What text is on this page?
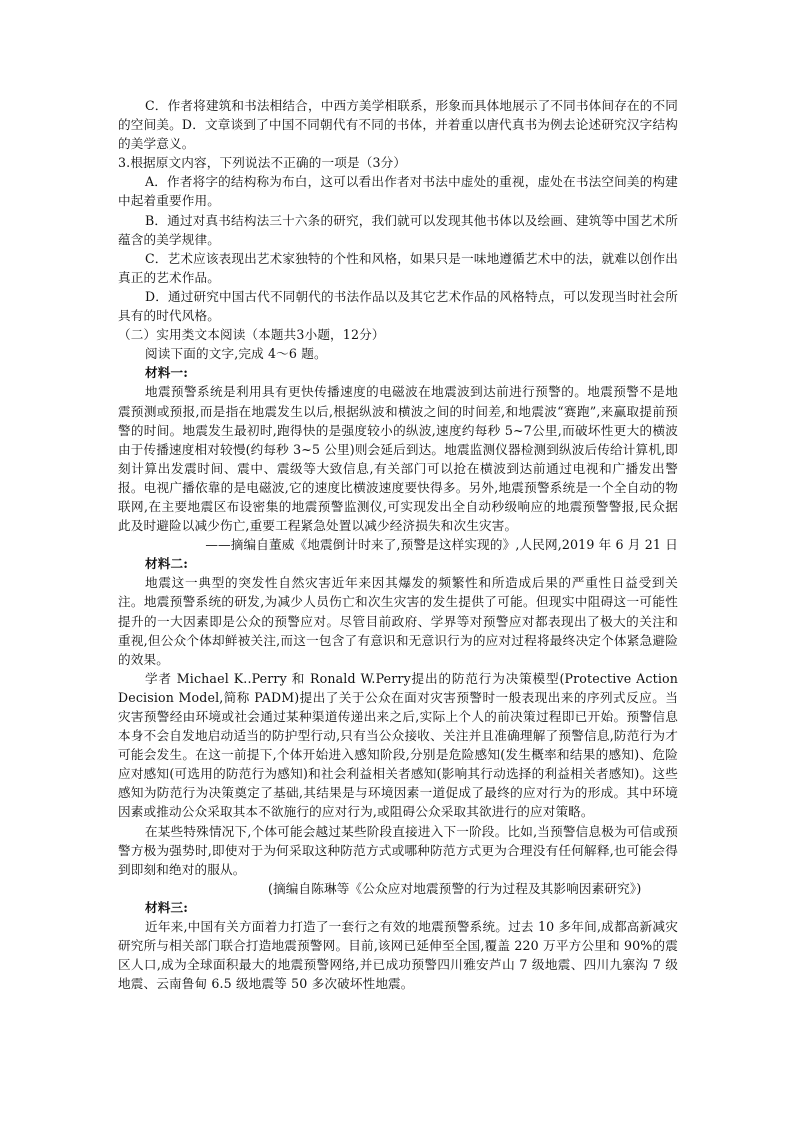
C．作者将建筑和书法相结合，中西方美学相联系，形象而具体地展示了不同书体间存在的不同的空间美。D．文章谈到了中国不同朝代有不同的书体，并着重以唐代真书为例去论述研究汉字结构的美学意义。

3.根据原文内容，下列说法不正确的一项是（3分）

A．作者将字的结构称为布白，这可以看出作者对书法中虚处的重视，虚处在书法空间美的构建中起着重要作用。

B．通过对真书结构法三十六条的研究，我们就可以发现其他书体以及绘画、建筑等中国艺术所蕴含的美学规律。

C．艺术应该表现出艺术家独特的个性和风格，如果只是一味地遵循艺术中的法，就难以创作出真正的艺术作品。

D．通过研究中国古代不同朝代的书法作品以及其它艺术作品的风格特点，可以发现当时社会所具有的时代风格。

（二）实用类文本阅读（本题共3小题，12分）

阅读下面的文字,完成 4～6 题。

材料一:

地震预警系统是利用具有更快传播速度的电磁波在地震波到达前进行预警的。地震预警不是地震预测或预报,而是指在地震发生以后,根据纵波和横波之间的时间差,和地震波“赛跑”,来赢取提前预警的时间。地震发生最初时,跑得快的是强度较小的纵波,速度约每秒 5~7公里,而破坏性更大的横波由于传播速度相对较慢(约每秒 3~5 公里)则会延后到达。地震监测仪器检测到纵波后传给计算机,即刻计算出发震时间、震中、震级等大致信息,有关部门可以抢在横波到达前通过电视和广播发出警报。电视广播依靠的是电磁波,它的速度比横波速度要快得多。另外,地震预警系统是一个全自动的物联网,在主要地震区布设密集的地震预警监测仪,可实现发出全自动秒级响应的地震预警警报,民众据此及时避险以减少伤亡,重要工程紧急处置以减少经济损失和次生灾害。

——摘编自董威《地震倒计时来了,预警是这样实现的》,人民网,2019 年 6 月 21 日

材料二:

地震这一典型的突发性自然灾害近年来因其爆发的频繁性和所造成后果的严重性日益受到关注。地震预警系统的研发,为减少人员伤亡和次生灾害的发生提供了可能。但现实中阻碍这一可能性提升的一大因素即是公众的预警应对。尽管目前政府、学界等对预警应对都表现出了极大的关注和重视,但公众个体却鲜被关注,而这一包含了有意识和无意识行为的应对过程将最终决定个体紧急避险的效果。

学者 Michael K..Perry 和 Ronald W.Perry提出的防范行为决策模型(Protective Action Decision Model,简称 PADM)提出了关于公众在面对灾害预警时一般表现出来的序列式反应。当灾害预警经由环境或社会通过某种渠道传递出来之后,实际上个人的前决策过程即已开始。预警信息本身不会自发地启动适当的防护型行动,只有当公众接收、关注并且准确理解了预警信息,防范行为才可能会发生。在这一前提下,个体开始进入感知阶段,分别是危险感知(发生概率和结果的感知)、危险应对感知(可选用的防范行为感知)和社会利益相关者感知(影响其行动选择的利益相关者感知)。这些感知为防范行为决策奠定了基础,其结果是与环境因素一道促成了最终的应对行为的形成。其中环境因素或推动公众采取其本不欲施行的应对行为,或阻碍公众采取其欲进行的应对策略。

在某些特殊情况下,个体可能会越过某些阶段直接进入下一阶段。比如,当预警信息极为可信或预警方极为强势时,即使对于为何采取这种防范方式或哪种防范方式更为合理没有任何解释,也可能会得到即刻和绝对的服从。

(摘编自陈琳等《公众应对地震预警的行为过程及其影响因素研究》)

材料三:

近年来,中国有关方面着力打造了一套行之有效的地震预警系统。过去 10 多年间,成都高新减灾研究所与相关部门联合打造地震预警网。目前,该网已延伸至全国,覆盖 220 万平方公里和 90%的震区人口,成为全球面积最大的地震预警网络,并已成功预警四川雅安芦山 7 级地震、四川九寨沟 7 级地震、云南鲁甸 6.5 级地震等 50 多次破坏性地震。
